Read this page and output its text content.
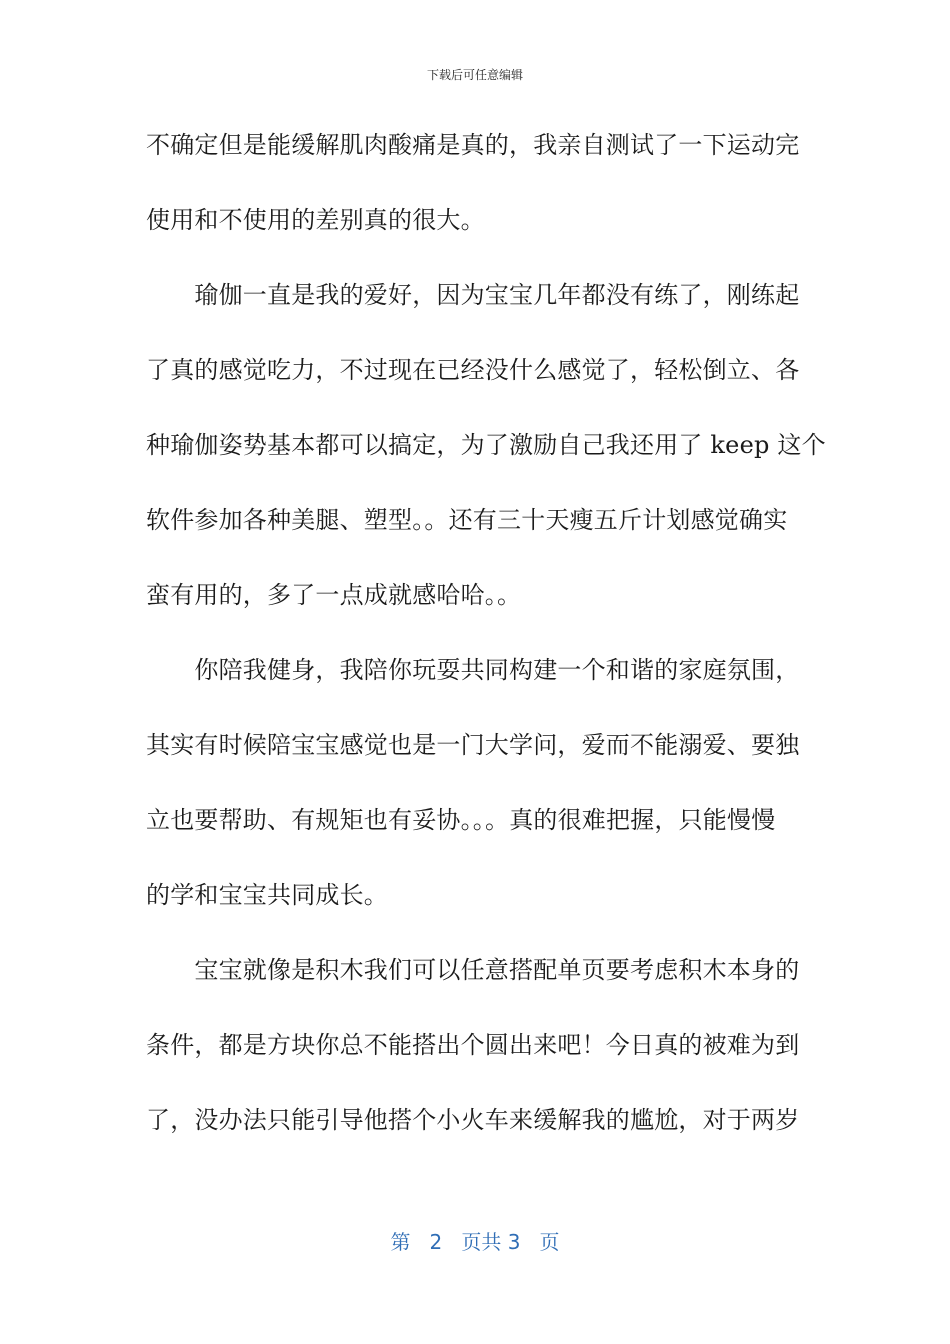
下载后可任意编辑
不确定但是能缓解肌肉酸痛是真的，我亲自测试了一下运动完
使用和不使用的差别真的很大。
　　瑜伽一直是我的爱好，因为宝宝几年都没有练了，刚练起
了真的感觉吃力，不过现在已经没什么感觉了，轻松倒立、各
种瑜伽姿势基本都可以搞定，为了激励自己我还用了 keep 这个
软件参加各种美腿、塑型。。还有三十天瘦五斤计划感觉确实
蛮有用的，多了一点成就感哈哈。。
　　你陪我健身，我陪你玩耍共同构建一个和谐的家庭氛围，
其实有时候陪宝宝感觉也是一门大学问，爱而不能溺爱、要独
立也要帮助、有规矩也有妥协。。。真的很难把握，只能慢慢
的学和宝宝共同成长。
　　宝宝就像是积木我们可以任意搭配单页要考虑积木本身的
条件，都是方块你总不能搭出个圆出来吧！今日真的被难为到
了，没办法只能引导他搭个小火车来缓解我的尴尬，对于两岁
第 2 页共 3 页
